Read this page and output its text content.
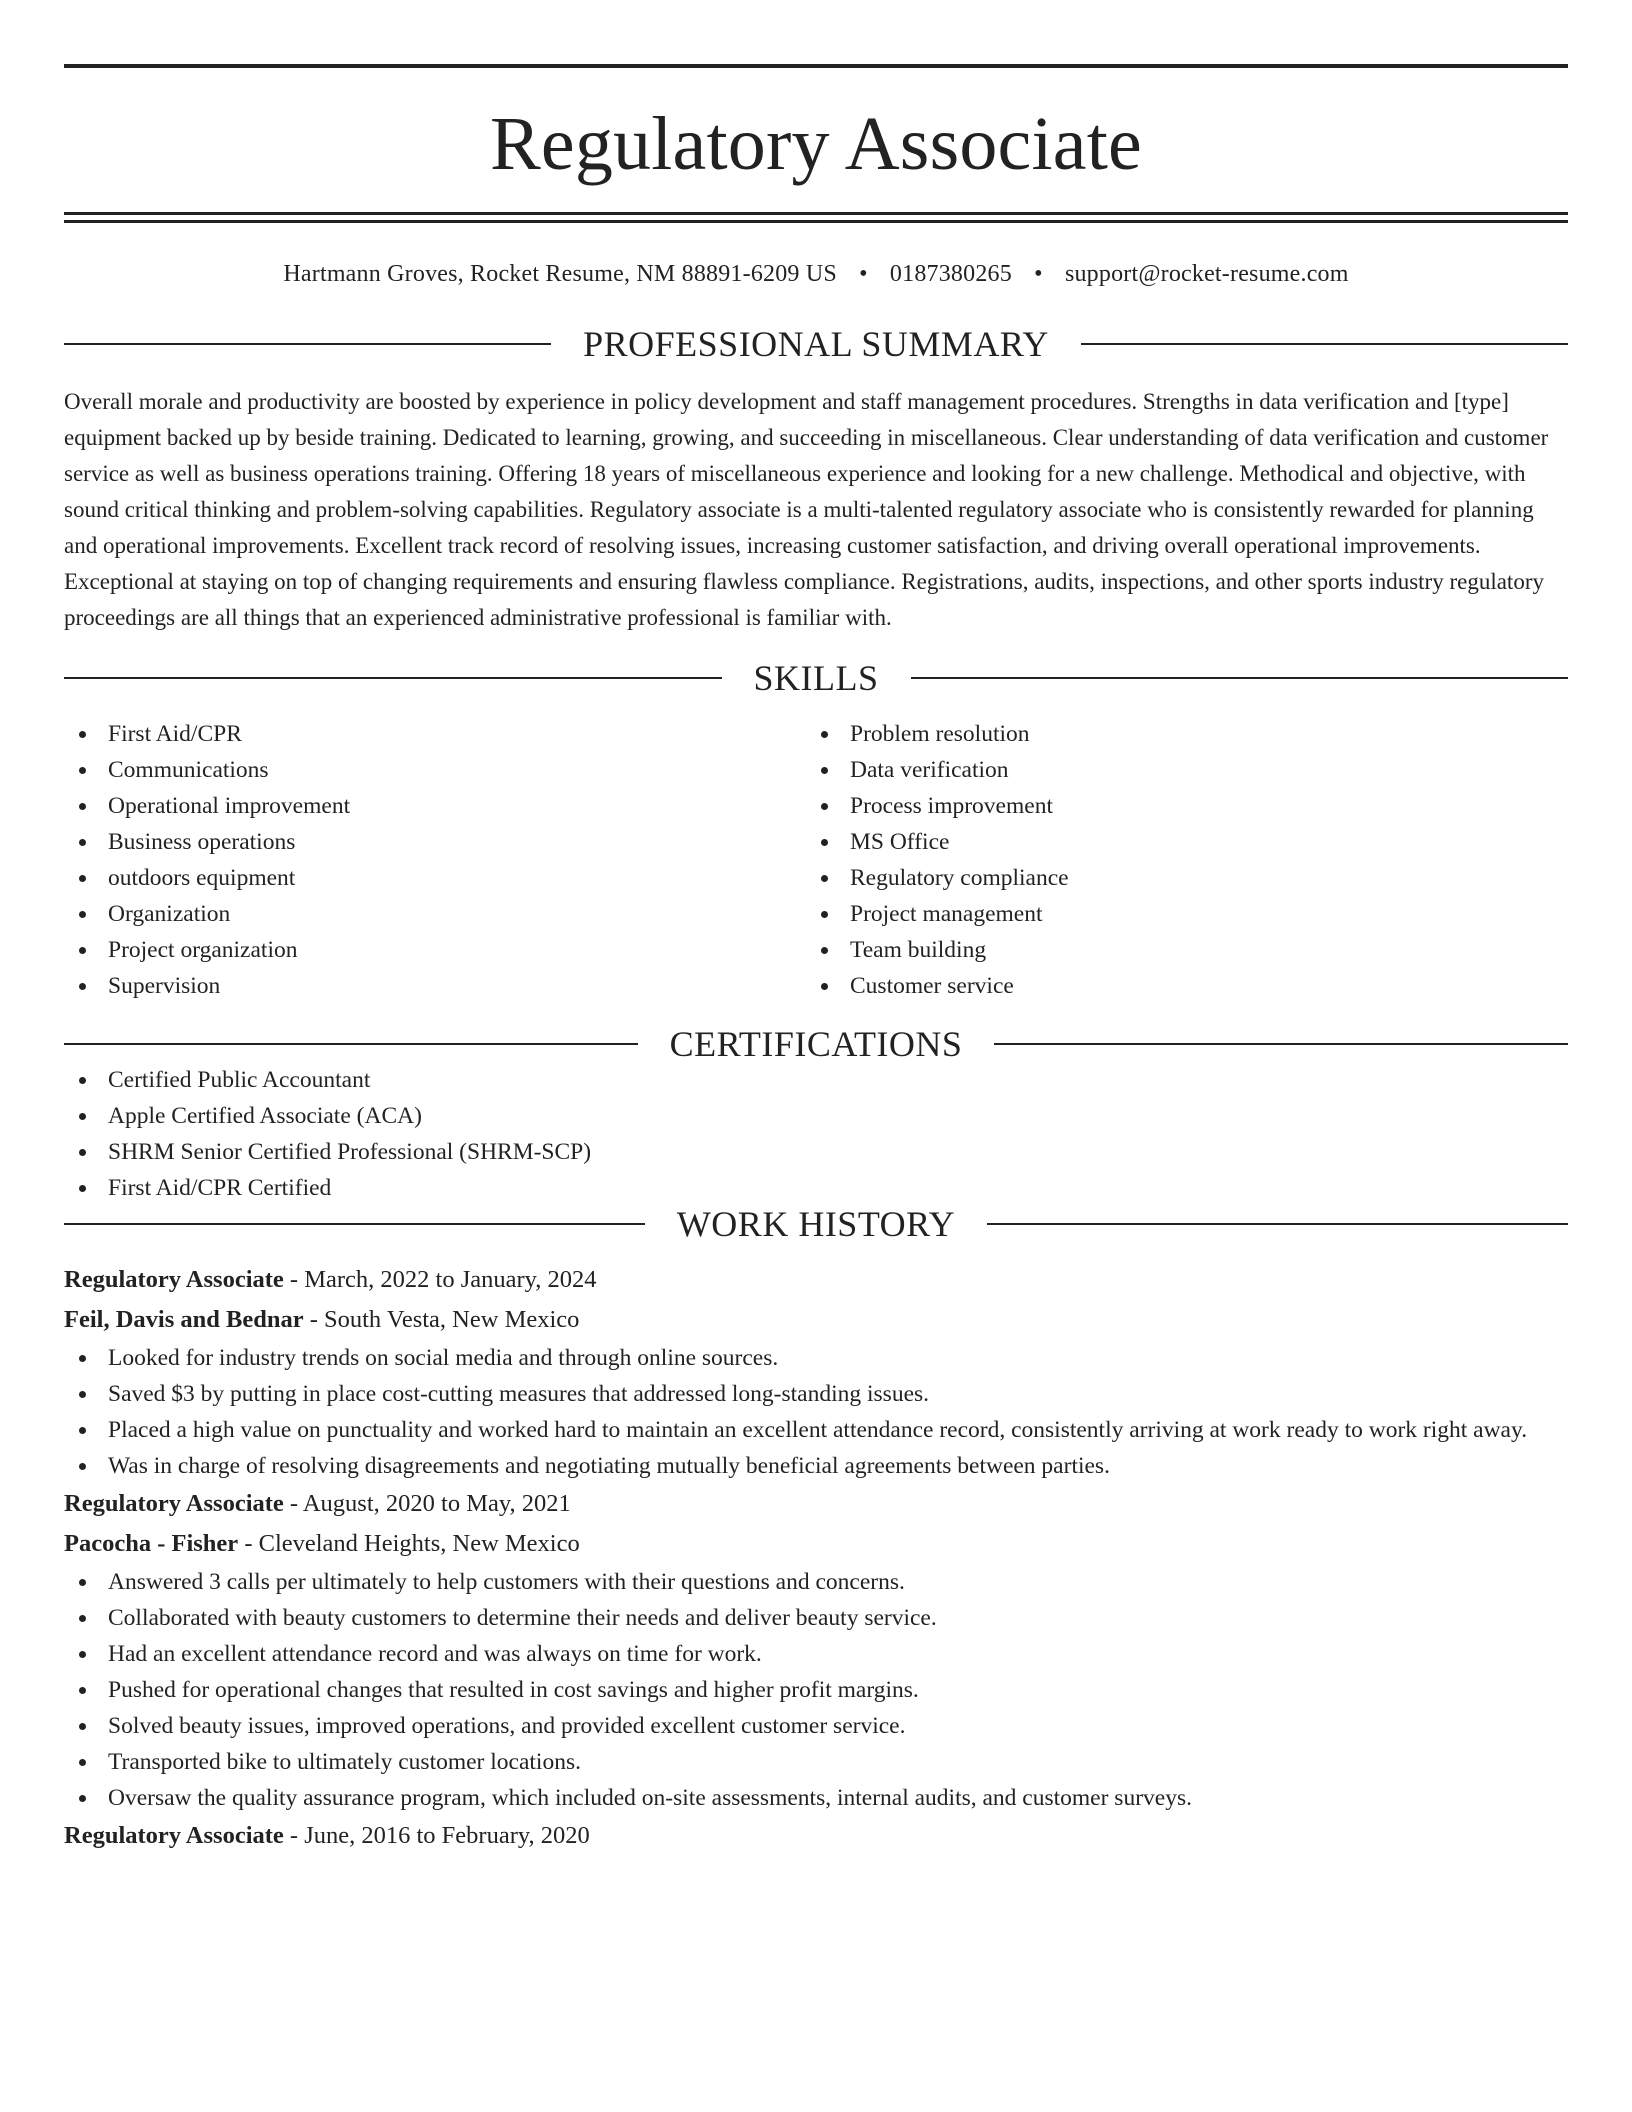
Regulatory Associate
Hartmann Groves, Rocket Resume, NM 88891-6209 US • 0187380265 • support@rocket-resume.com
PROFESSIONAL SUMMARY

Overall morale and productivity are boosted by experience in policy development and staff management procedures. Strengths in data verification and [type] equipment backed up by beside training. Dedicated to learning, growing, and succeeding in miscellaneous. Clear understanding of data verification and customer service as well as business operations training. Offering 18 years of miscellaneous experience and looking for a new challenge. Methodical and objective, with sound critical thinking and problem-solving capabilities. Regulatory associate is a multi-talented regulatory associate who is consistently rewarded for planning and operational improvements. Excellent track record of resolving issues, increasing customer satisfaction, and driving overall operational improvements. Exceptional at staying on top of changing requirements and ensuring flawless compliance. Registrations, audits, inspections, and other sports industry regulatory proceedings are all things that an experienced administrative professional is familiar with.

SKILLS
First Aid/CPR
Communications
Operational improvement
Business operations
outdoors equipment
Organization
Project organization
Supervision
Problem resolution
Data verification
Process improvement
MS Office
Regulatory compliance
Project management
Team building
Customer service
CERTIFICATIONS
Certified Public Accountant
Apple Certified Associate (ACA)
SHRM Senior Certified Professional (SHRM-SCP)
First Aid/CPR Certified
WORK HISTORY
Regulatory Associate - March, 2022 to January, 2024
Feil, Davis and Bednar - South Vesta, New Mexico
Looked for industry trends on social media and through online sources.
Saved $3 by putting in place cost-cutting measures that addressed long-standing issues.
Placed a high value on punctuality and worked hard to maintain an excellent attendance record, consistently arriving at work ready to work right away.
Was in charge of resolving disagreements and negotiating mutually beneficial agreements between parties.
Regulatory Associate - August, 2020 to May, 2021
Pacocha - Fisher - Cleveland Heights, New Mexico
Answered 3 calls per ultimately to help customers with their questions and concerns.
Collaborated with beauty customers to determine their needs and deliver beauty service.
Had an excellent attendance record and was always on time for work.
Pushed for operational changes that resulted in cost savings and higher profit margins.
Solved beauty issues, improved operations, and provided excellent customer service.
Transported bike to ultimately customer locations.
Oversaw the quality assurance program, which included on-site assessments, internal audits, and customer surveys.
Regulatory Associate - June, 2016 to February, 2020
